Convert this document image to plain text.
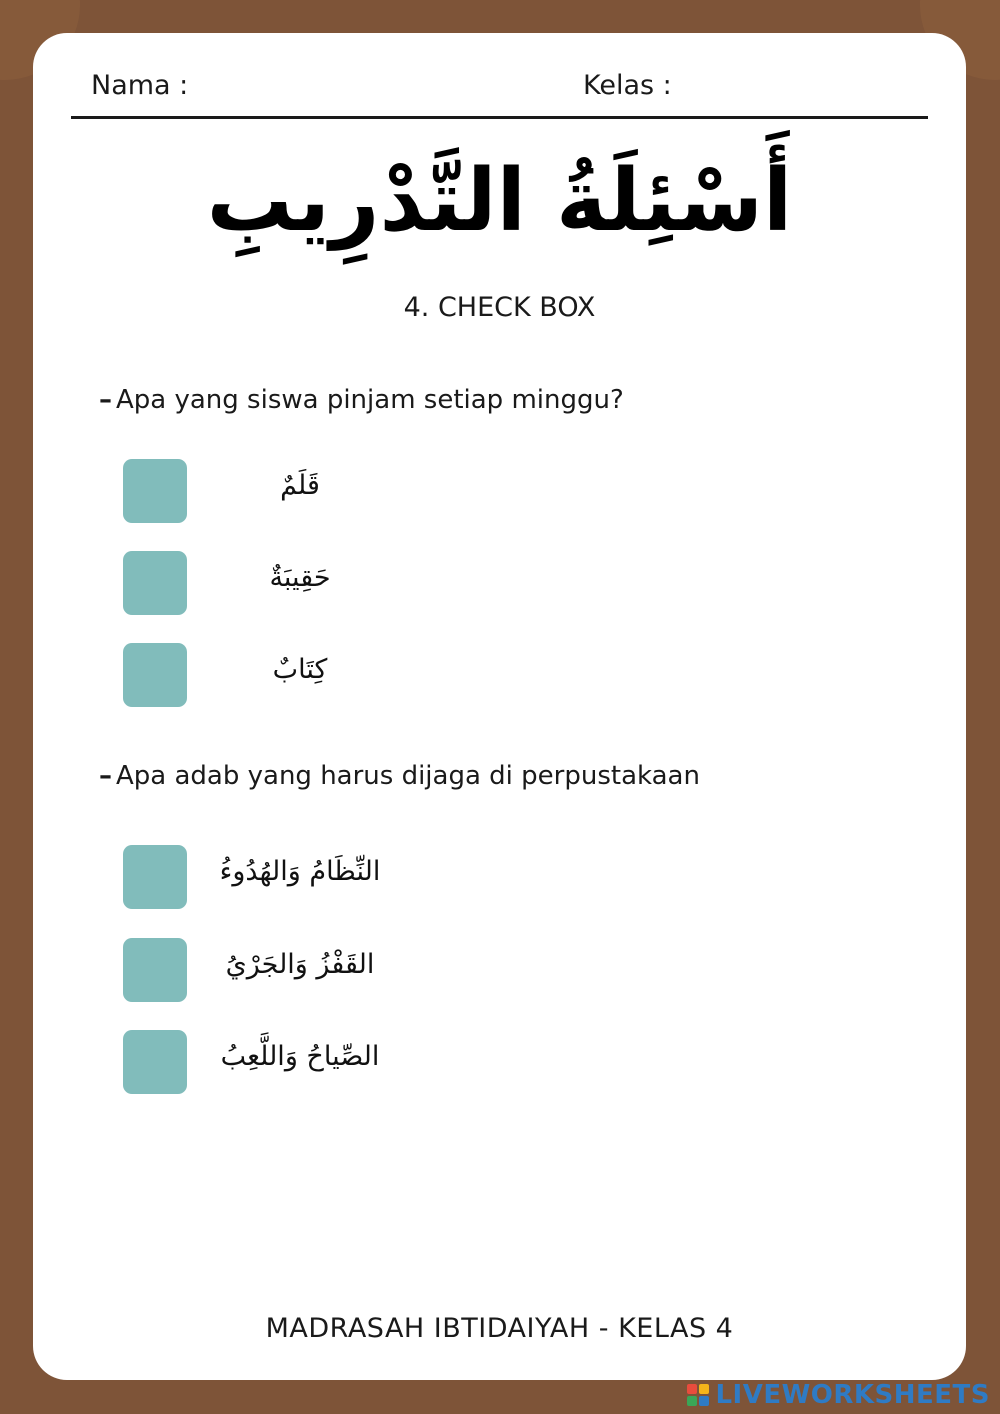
Nama :	Kelas :
أَسْئِلَةُ التَّدْرِيبِ
4. CHECK BOX
– Apa yang siswa pinjam setiap minggu?
قَلَمٌ
حَقِيبَةٌ
كِتَابٌ
– Apa adab yang harus dijaga di perpustakaan
النِّظَامُ وَالهُدُوءُ
القَفْزُ وَالجَرْيُ
الصِّياحُ وَاللَّعِبُ
MADRASAH IBTIDAIYAH - KELAS 4
LIVEWORKSHEETS
